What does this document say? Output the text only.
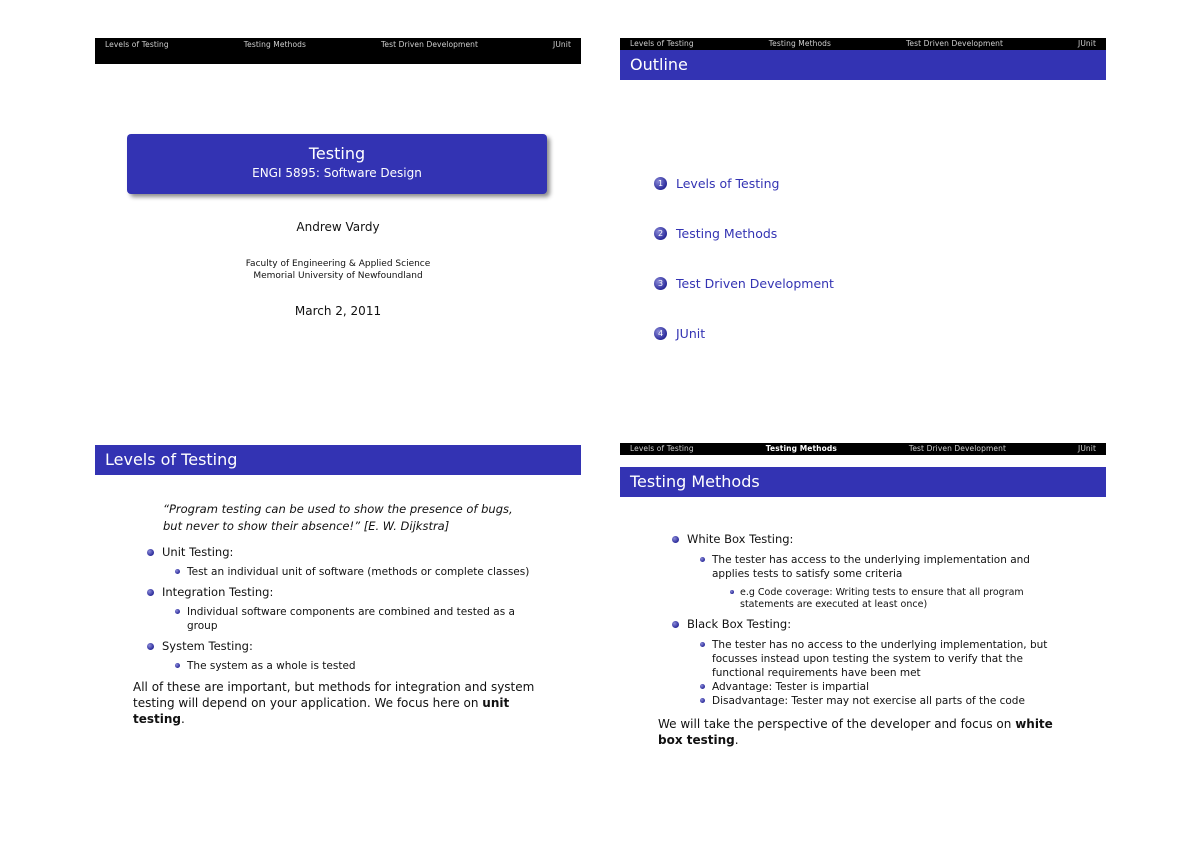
Levels of Testing	Testing Methods	Test Driven Development	JUnit
Testing
ENGI 5895: Software Design
Andrew Vardy
Faculty of Engineering & Applied Science
Memorial University of Newfoundland
March 2, 2011
Levels of Testing	Testing Methods	Test Driven Development	JUnit
Outline
1	Levels of Testing
2	Testing Methods
3	Test Driven Development
4	JUnit
Levels of Testing
“Program testing can be used to show the presence of bugs, but never to show their absence!” [E. W. Dijkstra]
Unit Testing:
Test an individual unit of software (methods or complete classes)
Integration Testing:
Individual software components are combined and tested as a group
System Testing:
The system as a whole is tested
All of these are important, but methods for integration and system testing will depend on your application. We focus here on unit testing.
Levels of Testing	Testing Methods	Test Driven Development	JUnit
Testing Methods
White Box Testing:
The tester has access to the underlying implementation and applies tests to satisfy some criteria
e.g Code coverage: Writing tests to ensure that all program statements are executed at least once)
Black Box Testing:
The tester has no access to the underlying implementation, but focusses instead upon testing the system to verify that the functional requirements have been met
Advantage: Tester is impartial
Disadvantage: Tester may not exercise all parts of the code
We will take the perspective of the developer and focus on white box testing.
